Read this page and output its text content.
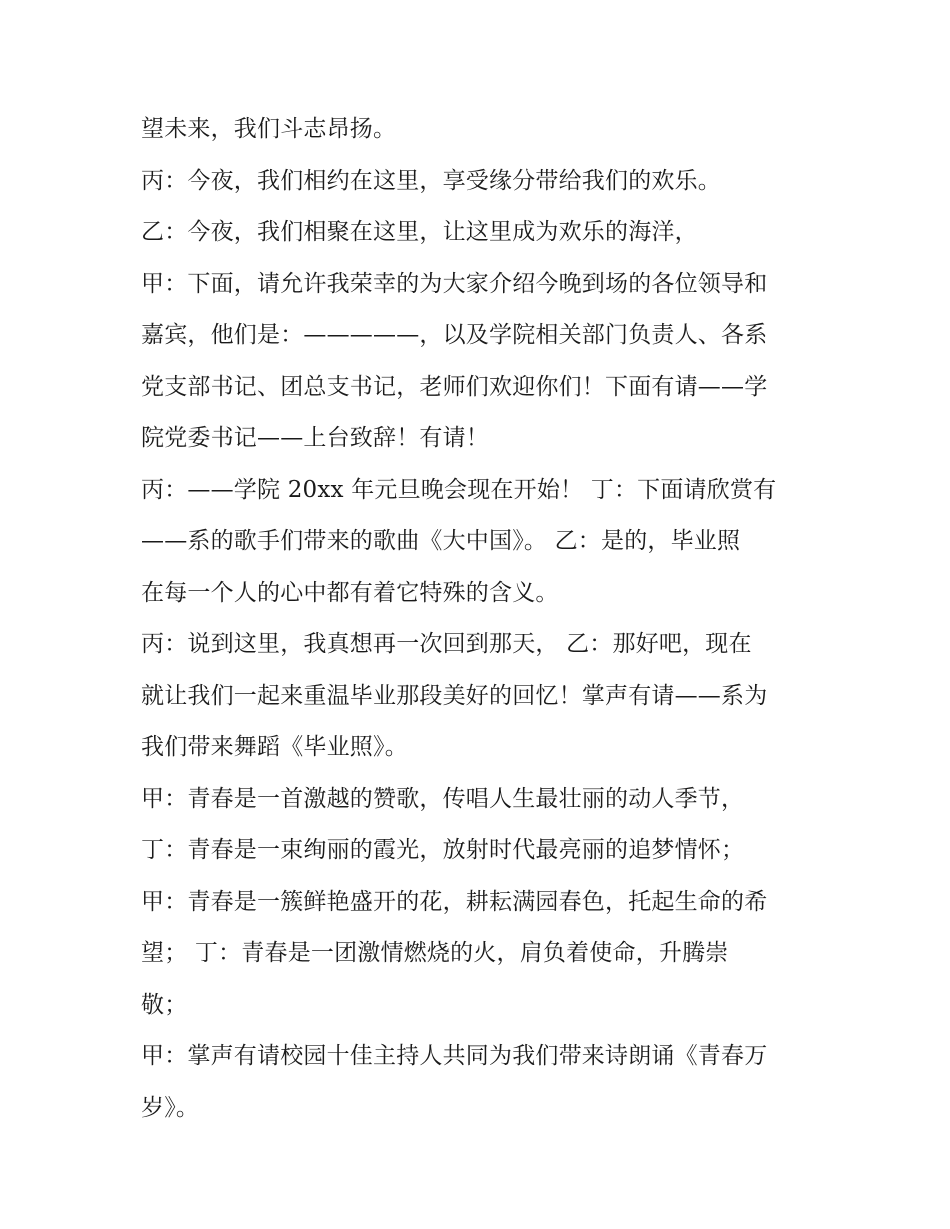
望未来，我们斗志昂扬。
丙：今夜，我们相约在这里，享受缘分带给我们的欢乐。
乙：今夜，我们相聚在这里，让这里成为欢乐的海洋，
甲：下面，请允许我荣幸的为大家介绍今晚到场的各位领导和
嘉宾，他们是：—————，以及学院相关部门负责人、各系
党支部书记、团总支书记，老师们欢迎你们！下面有请——学
院党委书记——上台致辞！有请！
丙：——学院 20xx 年元旦晚会现在开始！ 丁：下面请欣赏有
——系的歌手们带来的歌曲《大中国》。 乙：是的，毕业照
在每一个人的心中都有着它特殊的含义。
丙：说到这里，我真想再一次回到那天， 乙：那好吧，现在
就让我们一起来重温毕业那段美好的回忆！掌声有请——系为
我们带来舞蹈《毕业照》。
甲：青春是一首激越的赞歌，传唱人生最壮丽的动人季节，
丁：青春是一束绚丽的霞光，放射时代最亮丽的追梦情怀；
甲：青春是一簇鲜艳盛开的花，耕耘满园春色，托起生命的希
望； 丁：青春是一团激情燃烧的火，肩负着使命，升腾崇
敬；
甲：掌声有请校园十佳主持人共同为我们带来诗朗诵《青春万
岁》。
